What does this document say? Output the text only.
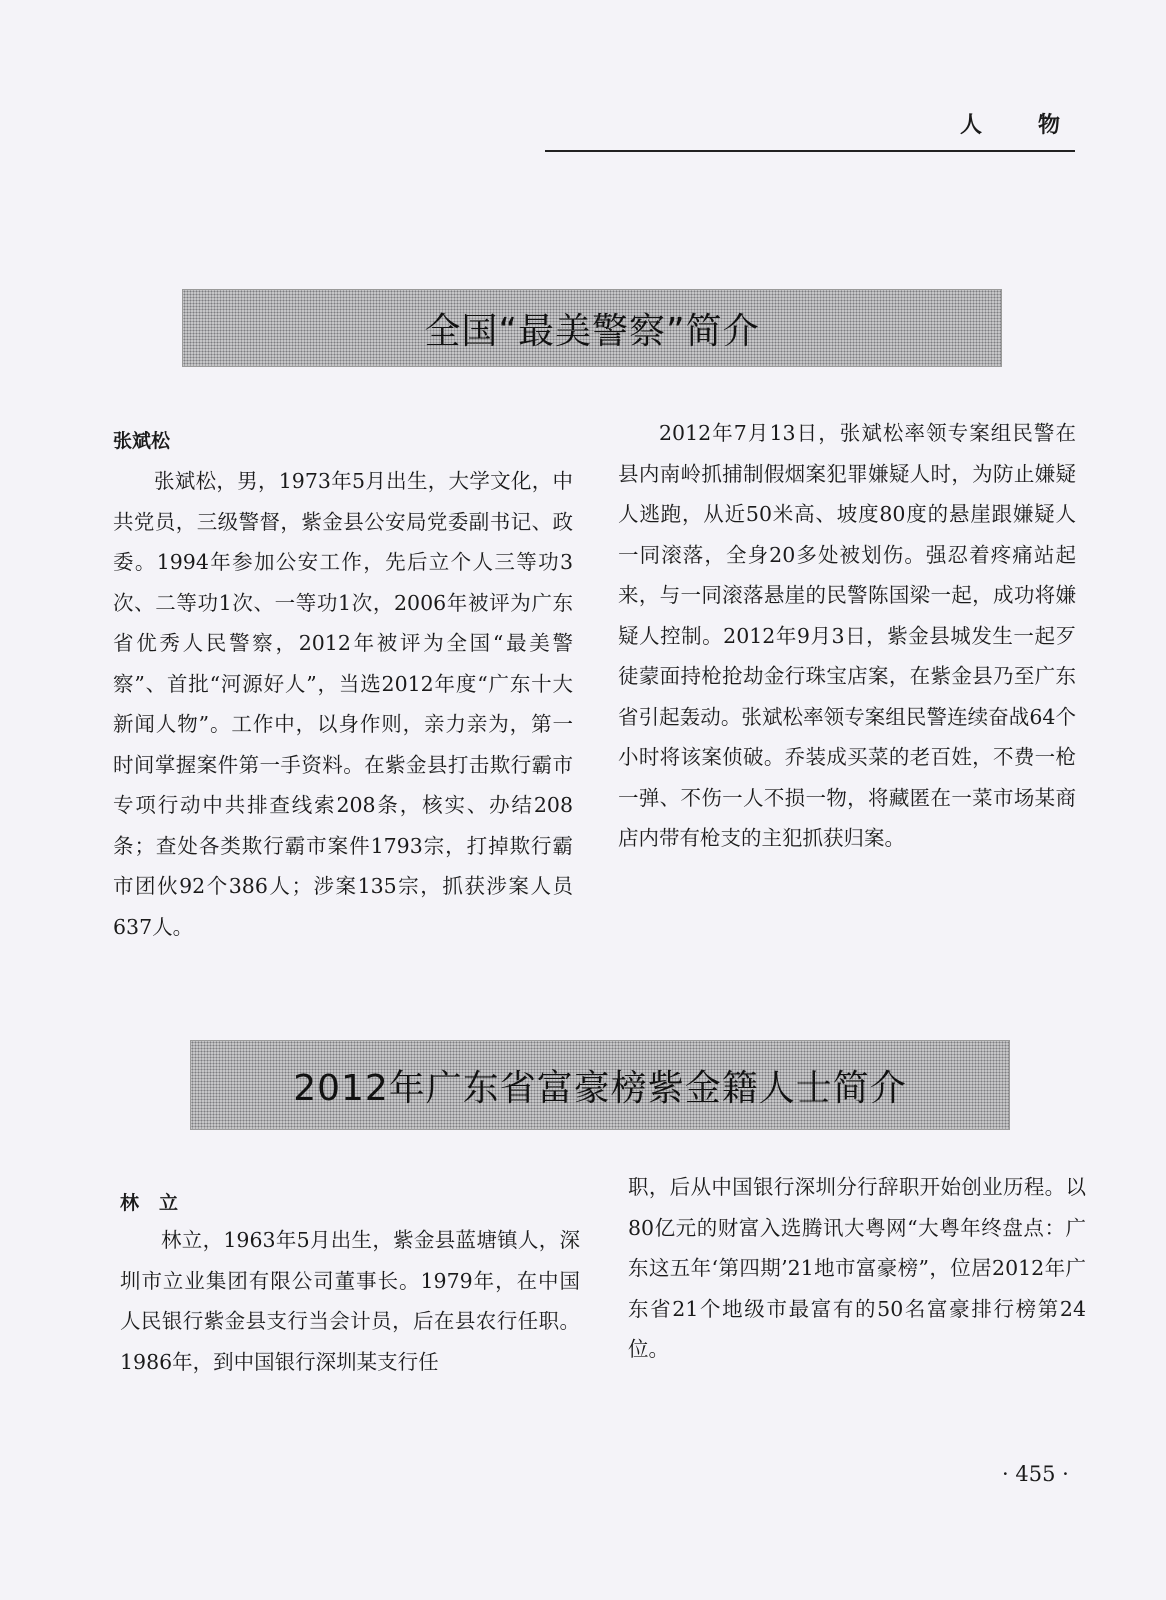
人	物
全国“最美警察”简介
张斌松

张斌松，男，1973年5月出生，大学文化，中共党员，三级警督，紫金县公安局党委副书记、政委。1994年参加公安工作，先后立个人三等功3次、二等功1次、一等功1次，2006年被评为广东省优秀人民警察，2012年被评为全国“最美警察”、首批“河源好人”，当选2012年度“广东十大新闻人物”。工作中，以身作则，亲力亲为，第一时间掌握案件第一手资料。在紫金县打击欺行霸市专项行动中共排查线索208条，核实、办结208条；查处各类欺行霸市案件1793宗，打掉欺行霸市团伙92个386人；涉案135宗，抓获涉案人员637人。

2012年7月13日，张斌松率领专案组民警在县内南岭抓捕制假烟案犯罪嫌疑人时，为防止嫌疑人逃跑，从近50米高、坡度80度的悬崖跟嫌疑人一同滚落，全身20多处被划伤。强忍着疼痛站起来，与一同滚落悬崖的民警陈国梁一起，成功将嫌疑人控制。2012年9月3日，紫金县城发生一起歹徒蒙面持枪抢劫金行珠宝店案，在紫金县乃至广东省引起轰动。张斌松率领专案组民警连续奋战64个小时将该案侦破。乔装成买菜的老百姓，不费一枪一弹、不伤一人不损一物，将藏匿在一菜市场某商店内带有枪支的主犯抓获归案。

2012年广东省富豪榜紫金籍人士简介
林立

林立，1963年5月出生，紫金县蓝塘镇人，深圳市立业集团有限公司董事长。1979年，在中国人民银行紫金县支行当会计员，后在县农行任职。1986年，到中国银行深圳某支行任

职，后从中国银行深圳分行辞职开始创业历程。以80亿元的财富入选腾讯大粤网“大粤年终盘点：广东这五年‘第四期’21地市富豪榜”，位居2012年广东省21个地级市最富有的50名富豪排行榜第24位。

· 455 ·
